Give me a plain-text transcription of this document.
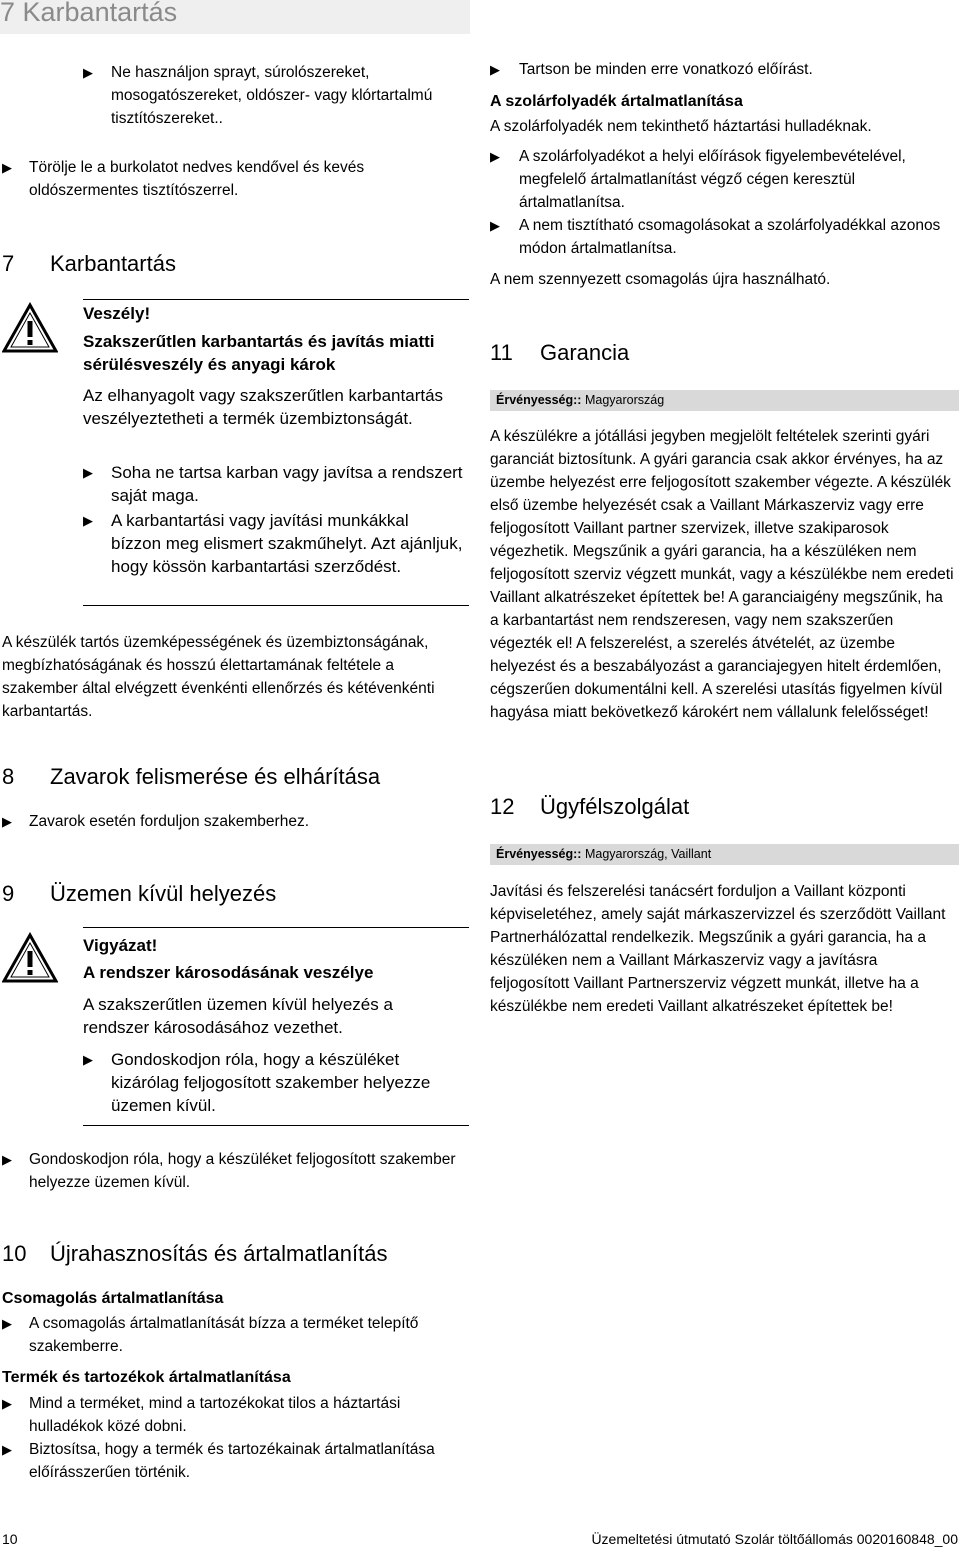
7 Karbantartás
▶ Ne használjon sprayt, súrolószereket, mosogatószereket, oldószer- vagy klórtartalmú tisztítószereket..
▶ Törölje le a burkolatot nedves kendővel és kevés oldószermentes tisztítószerrel.
7 Karbantartás
Veszély!
Szakszerűtlen karbantartás és javítás miatti sérülésveszély és anyagi károk
Az elhanyagolt vagy szakszerűtlen karbantartás veszélyeztetheti a termék üzembiztonságát.
▶ Soha ne tartsa karban vagy javítsa a rendszert saját maga.
▶ A karbantartási vagy javítási munkákkal bízzon meg elismert szakműhelyt. Azt ajánljuk, hogy kössön karbantartási szerződést.
A készülék tartós üzemképességének és üzembiztonságának, megbízhatóságának és hosszú élettartamának feltétele a szakember által elvégzett évenkénti ellenőrzés és kétévenkénti karbantartás.
8 Zavarok felismerése és elhárítása
▶ Zavarok esetén forduljon szakemberhez.
9 Üzemen kívül helyezés
Vigyázat!
A rendszer károsodásának veszélye
A szakszerűtlen üzemen kívül helyezés a rendszer károsodásához vezethet.
▶ Gondoskodjon róla, hogy a készüléket kizárólag feljogosított szakember helyezze üzemen kívül.
▶ Gondoskodjon róla, hogy a készüléket feljogosított szakember helyezze üzemen kívül.
10 Újrahasznosítás és ártalmatlanítás
Csomagolás ártalmatlanítása
▶ A csomagolás ártalmatlanítását bízza a terméket telepítő szakemberre.
Termék és tartozékok ártalmatlanítása
▶ Mind a terméket, mind a tartozékokat tilos a háztartási hulladékok közé dobni.
▶ Biztosítsa, hogy a termék és tartozékainak ártalmatlanítása előírásszerűen történik.
▶ Tartson be minden erre vonatkozó előírást.
A szolárfolyadék ártalmatlanítása
A szolárfolyadék nem tekinthető háztartási hulladéknak.
▶ A szolárfolyadékot a helyi előírások figyelembevételével, megfelelő ártalmatlanítást végző cégen keresztül ártalmatlanítsa.
▶ A nem tisztítható csomagolásokat a szolárfolyadékkal azonos módon ártalmatlanítsa.
A nem szennyezett csomagolás újra használható.
11 Garancia
Érvényesség:: Magyarország
A készülékre a jótállási jegyben megjelölt feltételek szerinti gyári garanciát biztosítunk. A gyári garancia csak akkor érvényes, ha az üzembe helyezést erre feljogosított szakember végezte. A készülék első üzembe helyezését csak a Vaillant Márkaszerviz vagy erre feljogosított Vaillant partner szervizek, illetve szakiparosok végezhetik. Megszűnik a gyári garancia, ha a készüléken nem feljogosított szerviz végzett munkát, vagy a készülékbe nem eredeti Vaillant alkatrészeket építettek be! A garanciaigény megszűnik, ha a karbantartást nem rendszeresen, vagy nem szakszerűen végezték el! A felszerelést, a szerelés átvételét, az üzembe helyezést és a beszabályozást a garanciajegyen hitelt érdemlően, cégszerűen dokumentálni kell. A szerelési utasítás figyelmen kívül hagyása miatt bekövetkező károkért nem vállalunk felelősséget!
12 Ügyfélszolgálat
Érvényesség:: Magyarország, Vaillant
Javítási és felszerelési tanácsért forduljon a Vaillant központi képviseletéhez, amely saját márkaszervizzel és szerződött Vaillant Partnerhálózattal rendelkezik. Megszűnik a gyári garancia, ha a készüléken nem a Vaillant Márkaszerviz vagy a javításra feljogosított Vaillant Partnerszerviz végzett munkát, illetve ha a készülékbe nem eredeti Vaillant alkatrészeket építettek be!
10	Üzemeltetési útmutató Szolár töltőállomás 0020160848_00
